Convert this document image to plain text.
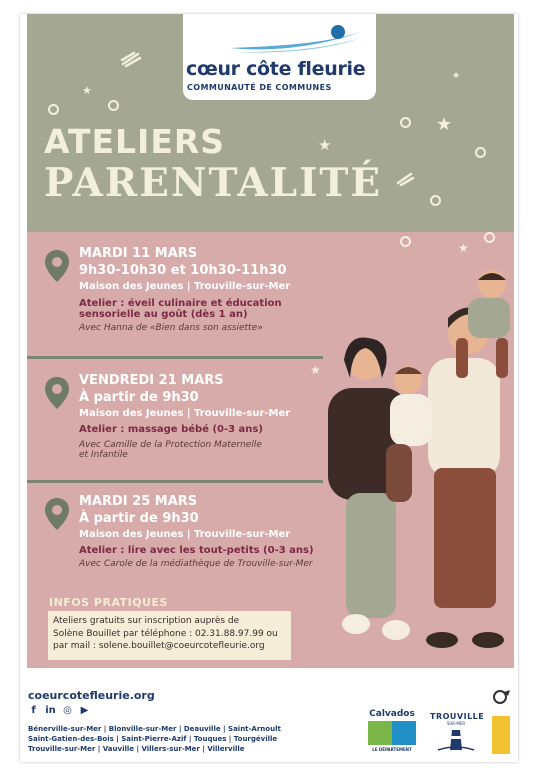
cœur côte fleurie
COMMUNAUTÉ DE COMMUNES
★
★
★
★
★
★
ATELIERS
PARENTALITÉ
MARDI 11 MARS
9h30-10h30 et 10h30-11h30
Maison des Jeunes | Trouville-sur-Mer
Atelier : éveil culinaire et éducation
sensorielle au goût (dès 1 an)
Avec Hanna de «Bien dans son assiette»
VENDREDI 21 MARS
À partir de 9h30
Maison des Jeunes | Trouville-sur-Mer
Atelier : massage bébé (0-3 ans)
Avec Camille de la Protection Maternelle
et Infantile
MARDI 25 MARS
À partir de 9h30
Maison des Jeunes | Trouville-sur-Mer
Atelier : lire avec les tout-petits (0-3 ans)
Avec Carole de la médiathèque de Trouville-sur-Mer
INFOS PRATIQUES
Ateliers gratuits sur inscription auprès de
Solène Bouillet par téléphone : 02.31.88.97.99 ou
par mail : solene.bouillet@coeurcotefleurie.org
coeurcotefleurie.org
f in ◎ ▶
Bénerville-sur-Mer | Blonville-sur-Mer | Deauville | Saint-Arnoult
Saint-Gatien-des-Bois | Saint-Pierre-Azif | Touques | Tourgéville
Trouville-sur-Mer | Vauville | Villers-sur-Mer | Villerville
Calvados
LE DÉPARTEMENT
TROUVILLE
SUR-MER
